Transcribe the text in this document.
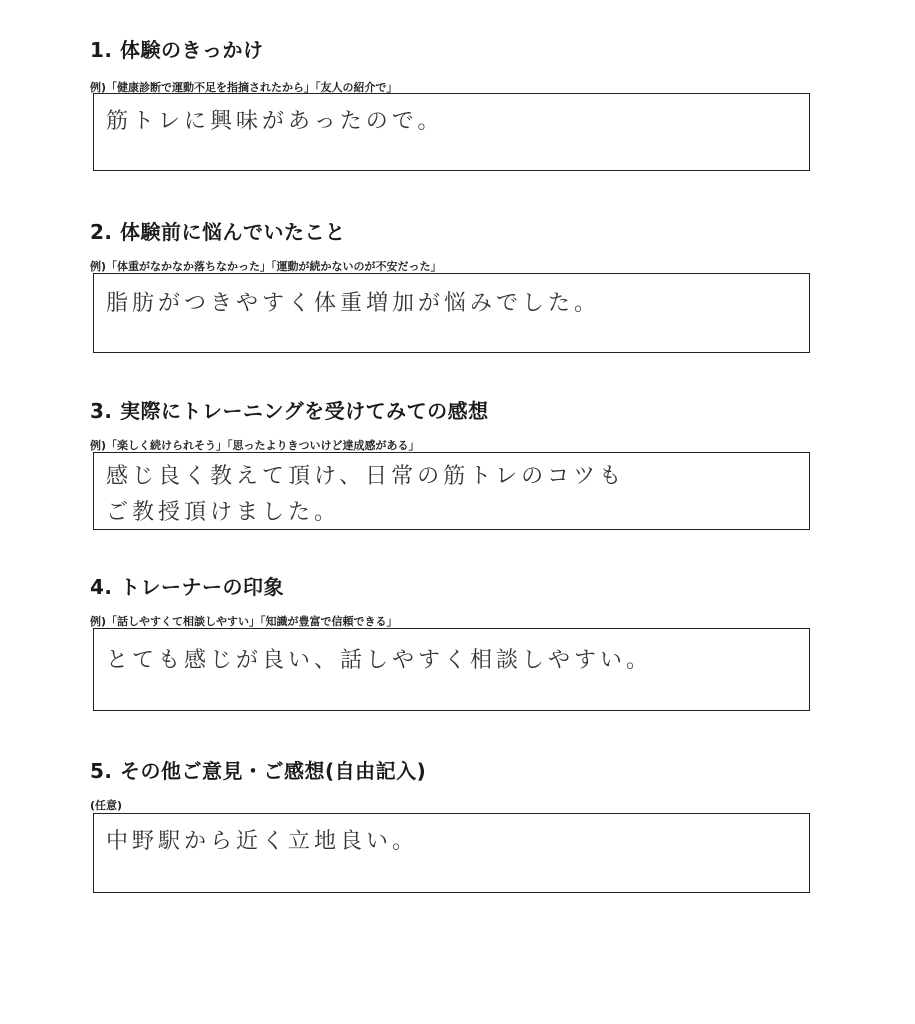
1. 体験のきっかけ
例)「健康診断で運動不足を指摘されたから」「友人の紹介で」
筋トレに興味があったので。
2. 体験前に悩んでいたこと
例)「体重がなかなか落ちなかった」「運動が続かないのが不安だった」
脂肪がつきやすく体重増加が悩みでした。
3. 実際にトレーニングを受けてみての感想
例)「楽しく続けられそう」「思ったよりきついけど達成感がある」
感じ良く教えて頂け、日常の筋トレのコツも
ご教授頂けました。
4. トレーナーの印象
例)「話しやすくて相談しやすい」「知識が豊富で信頼できる」
とても感じが良い、話しやすく相談しやすい。
5. その他ご意見・ご感想(自由記入)
(任意)
中野駅から近く立地良い。
